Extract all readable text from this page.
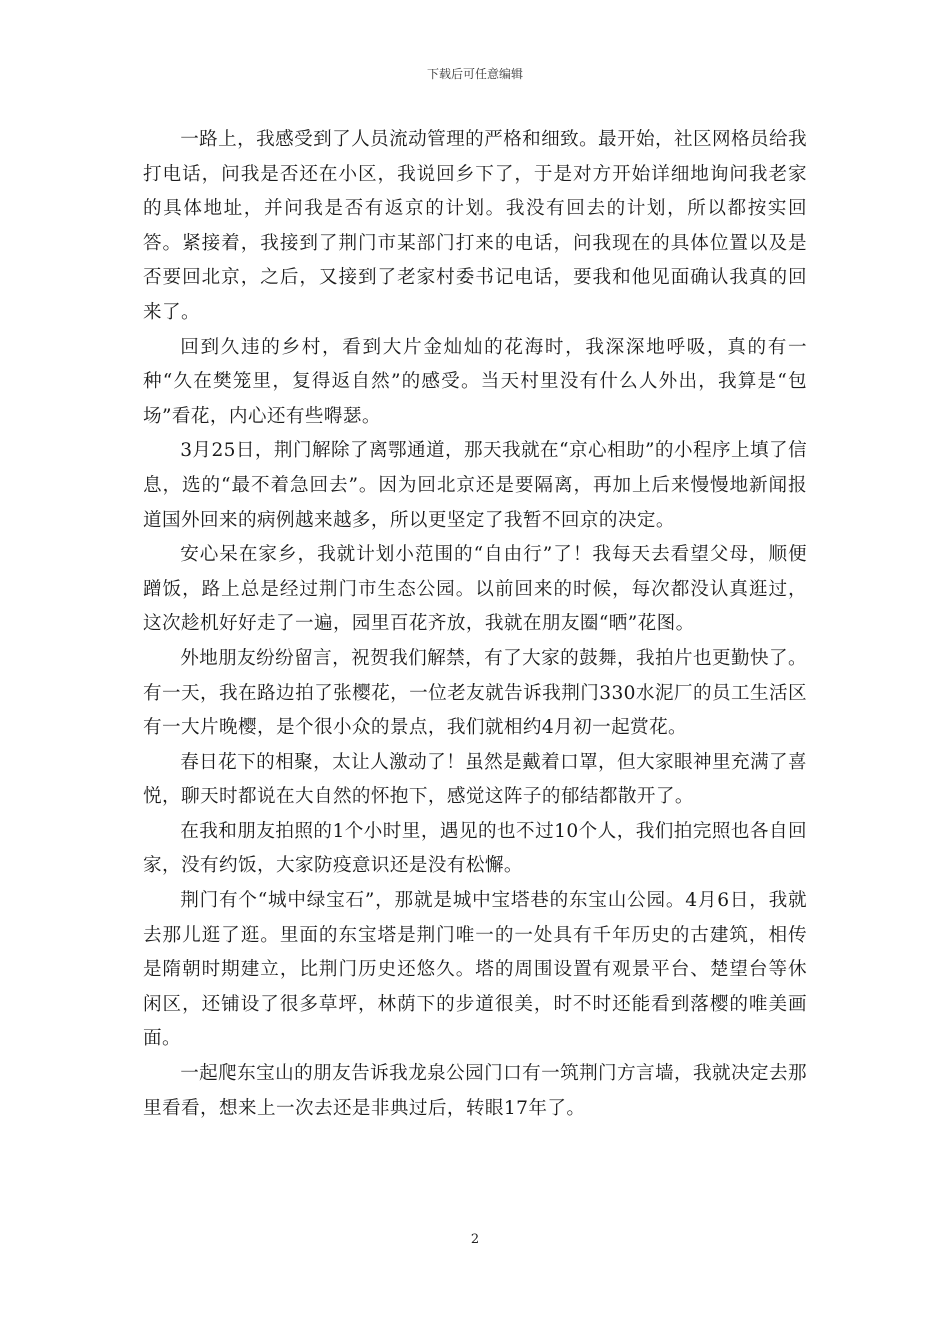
下载后可任意编辑

一路上，我感受到了人员流动管理的严格和细致。最开始，社区网格员给我打电话，问我是否还在小区，我说回乡下了，于是对方开始详细地询问我老家的具体地址，并问我是否有返京的计划。我没有回去的计划，所以都按实回答。紧接着，我接到了荆门市某部门打来的电话，问我现在的具体位置以及是否要回北京，之后，又接到了老家村委书记电话，要我和他见面确认我真的回来了。

回到久违的乡村，看到大片金灿灿的花海时，我深深地呼吸，真的有一种“久在樊笼里，复得返自然”的感受。当天村里没有什么人外出，我算是“包场”看花，内心还有些嘚瑟。

3月25日，荆门解除了离鄂通道，那天我就在“京心相助”的小程序上填了信息，选的“最不着急回去”。因为回北京还是要隔离，再加上后来慢慢地新闻报道国外回来的病例越来越多，所以更坚定了我暂不回京的决定。

安心呆在家乡，我就计划小范围的“自由行”了！我每天去看望父母，顺便蹭饭，路上总是经过荆门市生态公园。以前回来的时候，每次都没认真逛过，这次趁机好好走了一遍，园里百花齐放，我就在朋友圈“晒”花图。

外地朋友纷纷留言，祝贺我们解禁，有了大家的鼓舞，我拍片也更勤快了。有一天，我在路边拍了张樱花，一位老友就告诉我荆门330水泥厂的员工生活区有一大片晚樱，是个很小众的景点，我们就相约4月初一起赏花。

春日花下的相聚，太让人激动了！虽然是戴着口罩，但大家眼神里充满了喜悦，聊天时都说在大自然的怀抱下，感觉这阵子的郁结都散开了。

在我和朋友拍照的1个小时里，遇见的也不过10个人，我们拍完照也各自回家，没有约饭，大家防疫意识还是没有松懈。

荆门有个“城中绿宝石”，那就是城中宝塔巷的东宝山公园。4月6日，我就去那儿逛了逛。里面的东宝塔是荆门唯一的一处具有千年历史的古建筑，相传是隋朝时期建立，比荆门历史还悠久。塔的周围设置有观景平台、楚望台等休闲区，还铺设了很多草坪，林荫下的步道很美，时不时还能看到落樱的唯美画面。

一起爬东宝山的朋友告诉我龙泉公园门口有一筑荆门方言墙，我就决定去那里看看，想来上一次去还是非典过后，转眼17年了。

2
